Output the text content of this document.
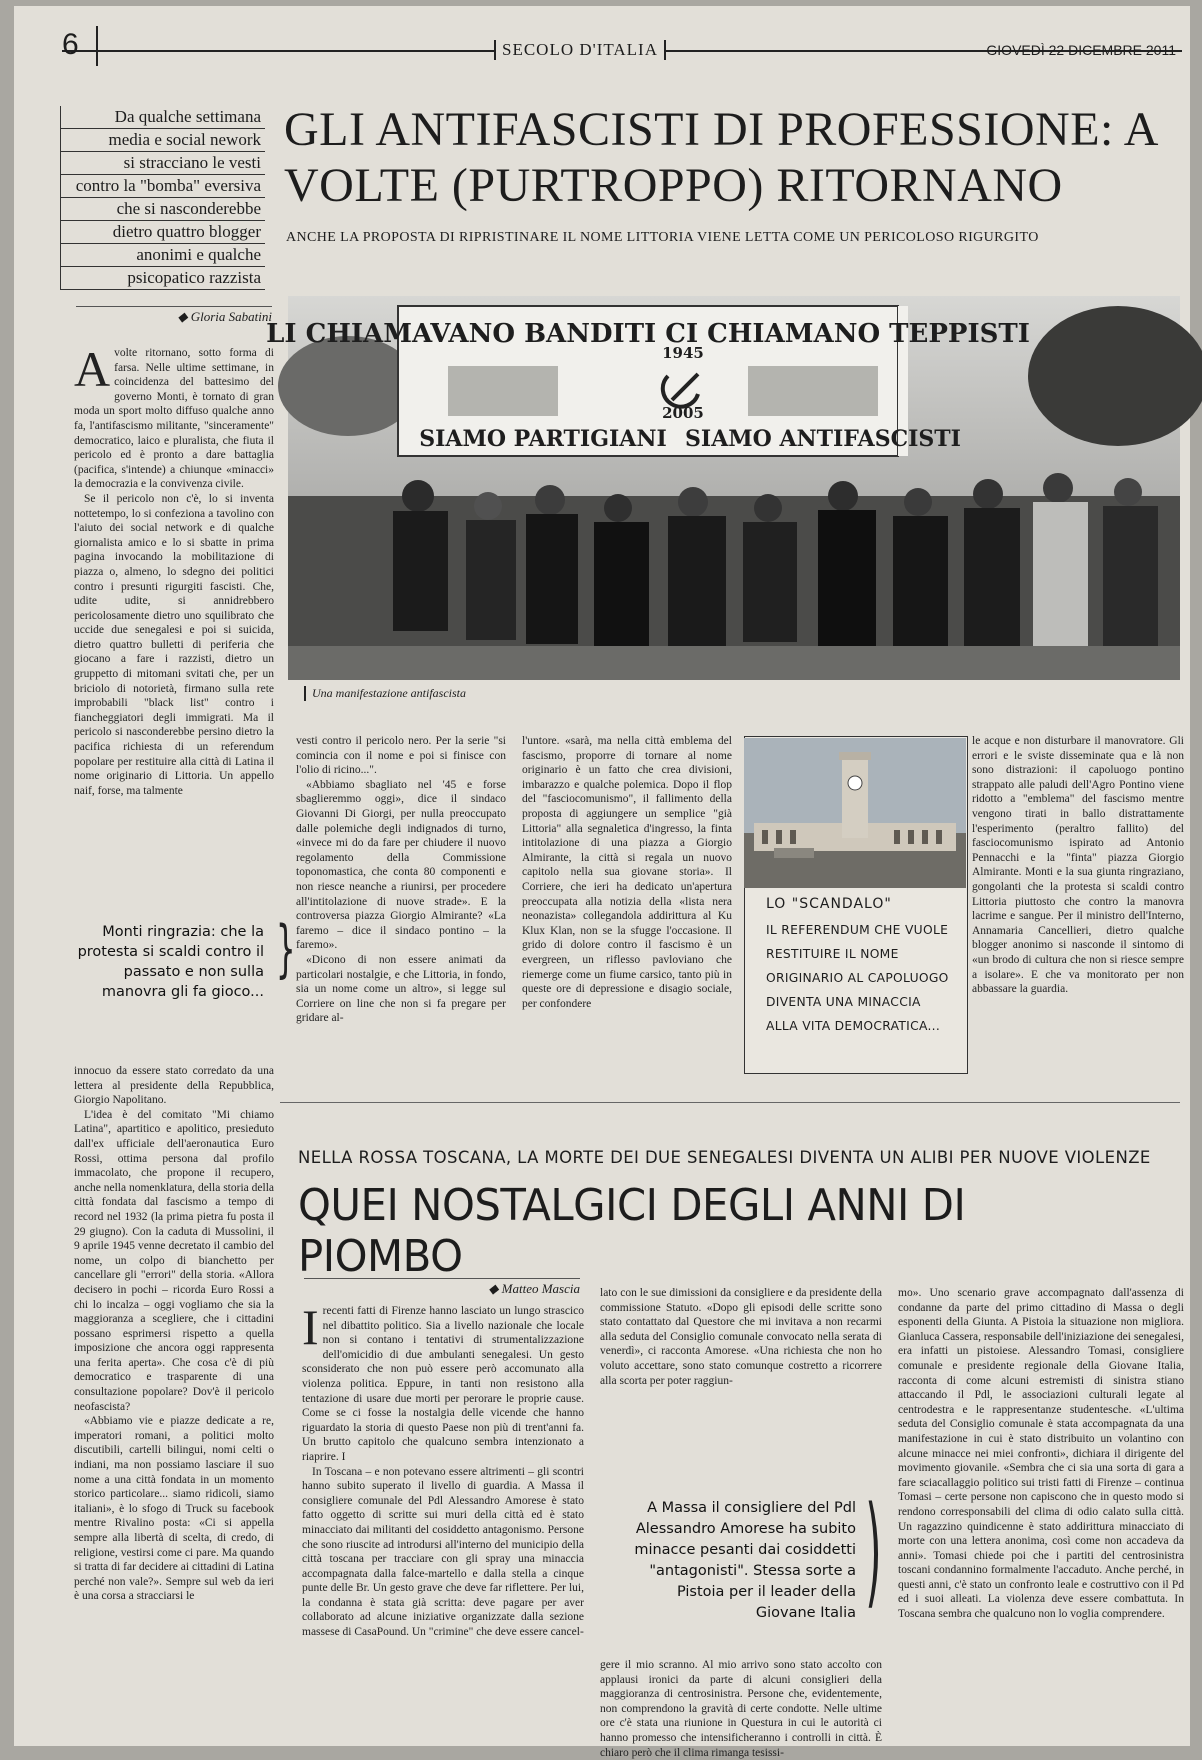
6	SECOLO D'ITALIA	GIOVEDÌ 22 DICEMBRE 2011
Da qualche settimana
media e social nework
si stracciano le vesti
contro la "bomba" eversiva
che si nasconderebbe
dietro quattro blogger
anonimi e qualche
psicopatico razzista
GLI ANTIFASCISTI DI PROFESSIONE: A VOLTE (PURTROPPO) RITORNANO
ANCHE LA PROPOSTA DI RIPRISTINARE IL NOME LITTORIA VIENE LETTA COME UN PERICOLOSO RIGURGITO
◆ Gloria Sabatini
LI CHIAMAVANO BANDITI CI CHIAMANO TEPPISTI
1945
2005
SIAMO PARTIGIANI SIAMO ANTIFASCISTI
Una manifestazione antifascista

Avolte ritornano, sotto forma di farsa. Nelle ultime settimane, in coincidenza del battesimo del governo Monti, è tornato di gran moda un sport molto diffuso qualche anno fa, l'antifascismo militante, "sinceramente" democratico, laico e pluralista, che fiuta il pericolo ed è pronto a dare battaglia (pacifica, s'intende) a chiunque «minacci» la democrazia e la convivenza civile.

Se il pericolo non c'è, lo si inventa nottetempo, lo si confeziona a tavolino con l'aiuto dei social network e di qualche giornalista amico e lo si sbatte in prima pagina invocando la mobilitazione di piazza o, almeno, lo sdegno dei politici contro i presunti rigurgiti fascisti. Che, udite udite, si annidrebbero pericolosamente dietro uno squilibrato che uccide due senegalesi e poi si suicida, dietro quattro bulletti di periferia che giocano a fare i razzisti, dietro un gruppetto di mitomani svitati che, per un briciolo di notorietà, firmano sulla rete improbabili "black list" contro i fiancheggiatori degli immigrati. Ma il pericolo si nasconderebbe persino dietro la pacifica richiesta di un referendum popolare per restituire alla città di Latina il nome originario di Littoria. Un appello naif, forse, ma talmente

Monti ringrazia: che la protesta si scaldi contro il passato e non sulla manovra gli fa gioco...
}

innocuo da essere stato corredato da una lettera al presidente della Repubblica, Giorgio Napolitano.

L'idea è del comitato "Mi chiamo Latina", apartitico e apolitico, presieduto dall'ex ufficiale dell'aeronautica Euro Rossi, ottima persona dal profilo immacolato, che propone il recupero, anche nella nomenklatura, della storia della città fondata dal fascismo a tempo di record nel 1932 (la prima pietra fu posta il 29 giugno). Con la caduta di Mussolini, il 9 aprile 1945 venne decretato il cambio del nome, un colpo di bianchetto per cancellare gli "errori" della storia. «Allora decisero in pochi – ricorda Euro Rossi a chi lo incalza – oggi vogliamo che sia la maggioranza a scegliere, che i cittadini possano esprimersi rispetto a quella imposizione che ancora oggi rappresenta una ferita aperta». Che cosa c'è di più democratico e trasparente di una consultazione popolare? Dov'è il pericolo neofascista?

«Abbiamo vie e piazze dedicate a re, imperatori romani, a politici molto discutibili, cartelli bilingui, nomi celti o indiani, ma non possiamo lasciare il suo nome a una città fondata in un momento storico particolare... siamo ridicoli, siamo italiani», è lo sfogo di Truck su facebook mentre Rivalino posta: «Ci si appella sempre alla libertà di scelta, di credo, di religione, vestirsi come ci pare. Ma quando si tratta di far decidere ai cittadini di Latina perché non vale?». Sempre sul web da ieri è una corsa a stracciarsi le

vesti contro il pericolo nero. Per la serie "si comincia con il nome e poi si finisce con l'olio di ricino...".

«Abbiamo sbagliato nel '45 e forse sbaglieremmo oggi», dice il sindaco Giovanni Di Giorgi, per nulla preoccupato dalle polemiche degli indignados di turno, «invece mi do da fare per chiudere il nuovo regolamento della Commissione toponomastica, che conta 80 componenti e non riesce neanche a riunirsi, per procedere all'intitolazione di nuove strade». E la controversa piazza Giorgio Almirante? «La faremo – dice il sindaco pontino – la faremo».

«Dicono di non essere animati da particolari nostalgie, e che Littoria, in fondo, sia un nome come un altro», si legge sul Corriere on line che non si fa pregare per gridare al-

l'untore. «sarà, ma nella città emblema del fascismo, proporre di tornare al nome originario è un fatto che crea divisioni, imbarazzo e qualche polemica. Dopo il flop del "fasciocomunismo", il fallimento della proposta di aggiungere un semplice "già Littoria" alla segnaletica d'ingresso, la finta intitolazione di una piazza a Giorgio Almirante, la città si regala un nuovo capitolo nella sua giovane storia». Il Corriere, che ieri ha dedicato un'apertura preoccupata alla notizia della «lista nera neonazista» collegandola addirittura al Ku Klux Klan, non se la sfugge l'occasione. Il grido di dolore contro il fascismo è un evergreen, un riflesso pavloviano che riemerge come un fiume carsico, tanto più in queste ore di depressione e disagio sociale, per confondere

LO "SCANDALO"
IL REFERENDUM CHE VUOLE RESTITUIRE IL NOME ORIGINARIO AL CAPOLUOGO DIVENTA UNA MINACCIA ALLA VITA DEMOCRATICA...

le acque e non disturbare il manovratore. Gli errori e le sviste disseminate qua e là non sono distrazioni: il capoluogo pontino strappato alle paludi dell'Agro Pontino viene ridotto a "emblema" del fascismo mentre vengono tirati in ballo distrattamente l'esperimento (peraltro fallito) del fasciocomunismo ispirato ad Antonio Pennacchi e la "finta" piazza Giorgio Almirante. Monti e la sua giunta ringraziano, gongolanti che la protesta si scaldi contro Littoria piuttosto che contro la manovra lacrime e sangue. Per il ministro dell'Interno, Annamaria Cancellieri, dietro qualche blogger anonimo si nasconde il sintomo di «un brodo di cultura che non si riesce sempre a isolare». E che va monitorato per non abbassare la guardia.

NELLA ROSSA TOSCANA, LA MORTE DEI DUE SENEGALESI DIVENTA UN ALIBI PER NUOVE VIOLENZE
QUEI NOSTALGICI DEGLI ANNI DI PIOMBO
◆ Matteo Mascia

Irecenti fatti di Firenze hanno lasciato un lungo strascico nel dibattito politico. Sia a livello nazionale che locale non si contano i tentativi di strumentalizzazione dell'omicidio di due ambulanti senegalesi. Un gesto sconsiderato che non può essere però accomunato alla violenza politica. Eppure, in tanti non resistono alla tentazione di usare due morti per perorare le proprie cause. Come se ci fosse la nostalgia delle vicende che hanno riguardato la storia di questo Paese non più di trent'anni fa. Un brutto capitolo che qualcuno sembra intenzionato a riaprire. I

In Toscana – e non potevano essere altrimenti – gli scontri hanno subito superato il livello di guardia. A Massa il consigliere comunale del Pdl Alessandro Amorese è stato fatto oggetto di scritte sui muri della città ed è stato minacciato dai militanti del cosiddetto antagonismo. Persone che sono riuscite ad introdursi all'interno del municipio della città toscana per tracciare con gli spray una minaccia accompagnata dalla falce-martello e dalla stella a cinque punte delle Br. Un gesto grave che deve far riflettere. Per lui, la condanna è stata già scritta: deve pagare per aver collaborato ad alcune iniziative organizzate dalla sezione massese di CasaPound. Un "crimine" che deve essere cancel-

lato con le sue dimissioni da consigliere e da presidente della commissione Statuto. «Dopo gli episodi delle scritte sono stato contattato dal Questore che mi invitava a non recarmi alla seduta del Consiglio comunale convocato nella serata di venerdì», ci racconta Amorese. «Una richiesta che non ho voluto accettare, sono stato comunque costretto a ricorrere alla scorta per poter raggiun-

A Massa il consigliere del Pdl Alessandro Amorese ha subito minacce pesanti dai cosiddetti "antagonisti". Stessa sorte a Pistoia per il leader della Giovane Italia )

gere il mio scranno. Al mio arrivo sono stato accolto con applausi ironici da parte di alcuni consiglieri della maggioranza di centrosinistra. Persone che, evidentemente, non comprendono la gravità di certe condotte. Nelle ultime ore c'è stata una riunione in Questura in cui le autorità ci hanno promesso che intensificheranno i controlli in città. È chiaro però che il clima rimanga tesissi-

mo». Uno scenario grave accompagnato dall'assenza di condanne da parte del primo cittadino di Massa o degli esponenti della Giunta. A Pistoia la situazione non migliora. Gianluca Cassera, responsabile dell'iniziazione dei senegalesi, era infatti un pistoiese. Alessandro Tomasi, consigliere comunale e presidente regionale della Giovane Italia, racconta di come alcuni estremisti di sinistra stiano attaccando il Pdl, le associazioni culturali legate al centrodestra e le rappresentanze studentesche. «L'ultima seduta del Consiglio comunale è stata accompagnata da una manifestazione in cui è stato distribuito un volantino con alcune minacce nei miei confronti», dichiara il dirigente del movimento giovanile. «Sembra che ci sia una sorta di gara a fare sciacallaggio politico sui tristi fatti di Firenze – continua Tomasi – certe persone non capiscono che in questo modo si rendono corresponsabili del clima di odio calato sulla città. Un ragazzino quindicenne è stato addirittura minacciato di morte con una lettera anonima, così come non accadeva da anni». Tomasi chiede poi che i partiti del centrosinistra toscani condannino formalmente l'accaduto. Anche perché, in questi anni, c'è stato un confronto leale e costruttivo con il Pd ed i suoi alleati. La violenza deve essere combattuta. In Toscana sembra che qualcuno non lo voglia comprendere.
